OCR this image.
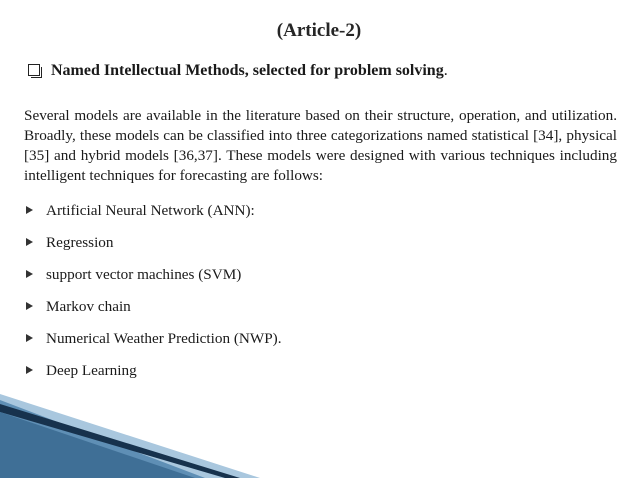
(Article-2)
Named Intellectual Methods, selected for problem solving .
Several models are available in the literature based on their structure, operation, and utilization. Broadly, these models can be classified into three categorizations named statistical [34], physical [35] and hybrid models [36,37]. These models were designed with various techniques including intelligent techniques for forecasting are follows:
Artificial Neural Network (ANN):
Regression
support vector machines (SVM)
Markov chain
Numerical Weather Prediction (NWP).
Deep Learning
